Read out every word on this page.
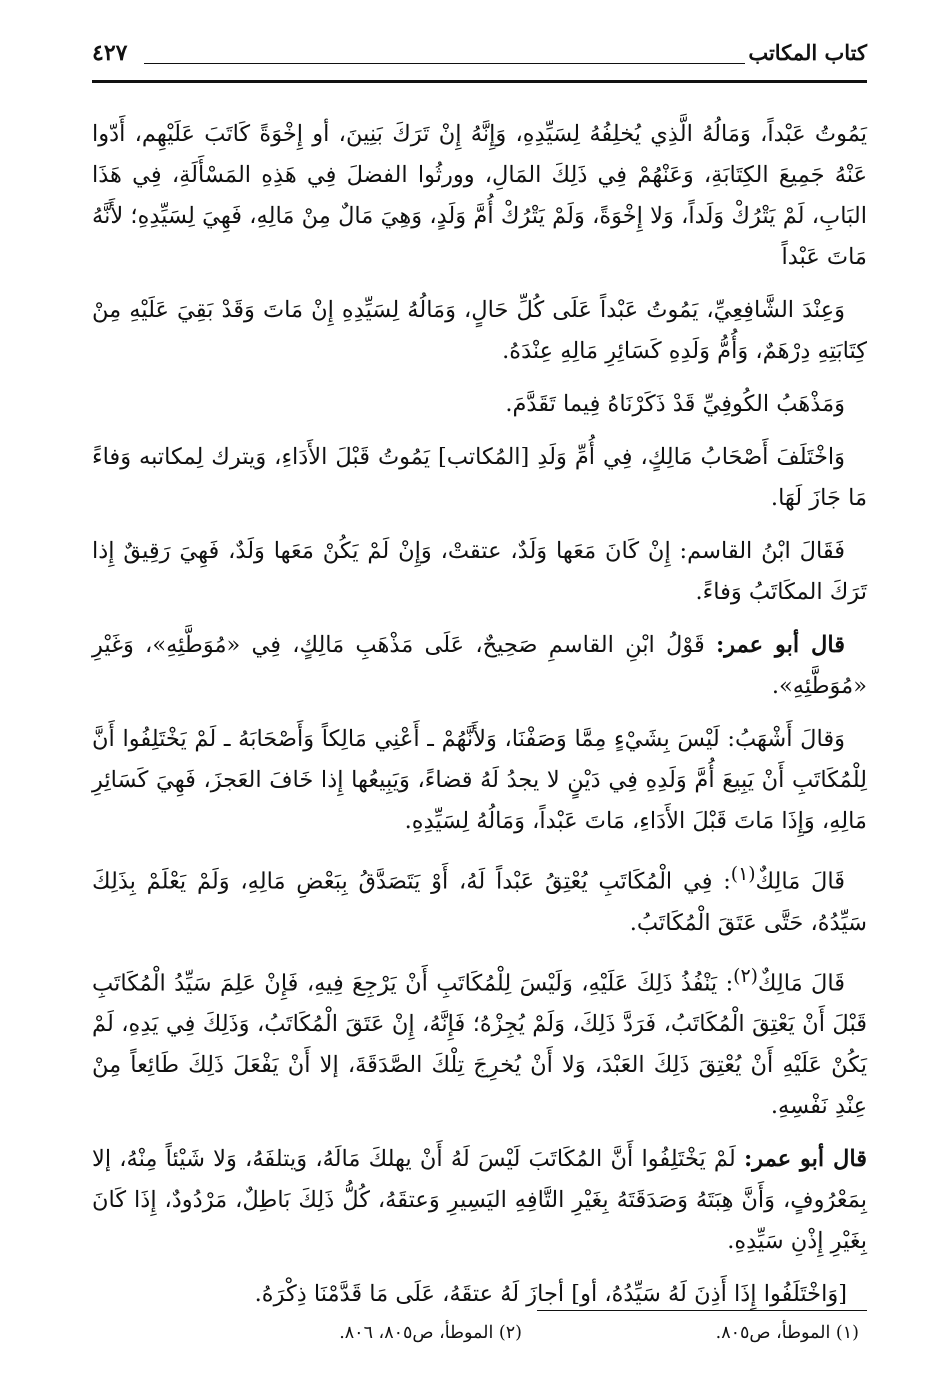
كتاب المكاتب
٤٢٧

يَمُوتُ عَبْداً، وَمَالُهُ الَّذِي يُخلِفُهُ لِسَيِّدِهِ، وَإِنَّهُ إِنْ تَرَكَ بَنِينَ، أو إِخْوَةً كَاتَبَ عَلَيْهِم، أَدّوا عَنْهُ جَمِيعَ الكِتَابَةِ، وَعَنْهُمْ فِي ذَلِكَ المَالِ، وورثُوا الفضلَ فِي هَذِهِ المَسْأَلَةِ، فِي هَذَا البَابِ، لَمْ يَتْرُكْ وَلَداً، وَلا إِخْوَةً، وَلَمْ يَتْرُكْ أُمَّ وَلَدٍ، وَهِيَ مَالٌ مِنْ مَالِهِ، فَهِيَ لِسَيِّدِهِ؛ لأَنَّهُ مَاتَ عَبْداً

وَعِنْدَ الشَّافِعِيِّ، يَمُوتُ عَبْداً عَلَى كُلِّ حَالٍ، وَمَالُهُ لِسَيِّدِهِ إِنْ مَاتَ وَقَدْ بَقِيَ عَلَيْهِ مِنْ كِتَابَتِهِ دِرْهَمٌ، وَأُمُّ وَلَدِهِ كَسَائِرِ مَالِهِ عِنْدَهُ.

وَمَذْهَبُ الكُوفِيِّ قَدْ ذَكَرْنَاهُ فِيما تَقَدَّمَ.

وَاخْتَلَفَ أَصْحَابُ مَالِكٍ، فِي أُمِّ وَلَدِ [المُكاتب] يَمُوتُ قَبْلَ الأَدَاءِ، وَيترك لِمكاتبه وَفاءً مَا جَازَ لَهَا.

فَقَالَ ابْنُ القاسم: إِنْ كَانَ مَعَها وَلَدٌ، عتقتْ، وَإِنْ لَمْ يَكُنْ مَعَها وَلَدٌ، فَهِيَ رَقِيقٌ إِذا تَرَكَ المكَاتَبُ وَفاءً.

قال أبو عمر: قَوْلُ ابْنِ القاسمِ صَحِيحٌ، عَلَى مَذْهَبِ مَالِكٍ، فِي «مُوَطَّئِهِ»، وَغَيْرِ «مُوَطَّئِهِ».

وَقالَ أَشْهَبُ: لَيْسَ بِشَيْءٍ مِمَّا وَصَفْنَا، وَلأَنَّهُمْ ـ أَعْنِي مَالِكاً وَأَصْحَابَهُ ـ لَمْ يَخْتَلِفُوا أَنَّ لِلْمُكَاتَبِ أَنْ يَبِيعَ أُمَّ وَلَدِهِ فِي دَيْنٍ لا يجدُ لَهُ قضاءً، وَيَبِيعُها إِذا خَافَ العَجزَ، فَهِيَ كَسَائِرِ مَالِهِ، وَإِذَا مَاتَ قَبْلَ الأَدَاءِ، مَاتَ عَبْداً، وَمَالُهُ لِسَيِّدِهِ.

قَالَ مَالِكٌ$^{(١)}$: فِي الْمُكَاتَبِ يُعْتِقُ عَبْداً لَهُ، أَوْ يَتَصَدَّقُ بِبَعْضِ مَالِهِ، وَلَمْ يَعْلَمْ بِذَلِكَ سَيِّدُهُ، حَتَّى عَتَقَ الْمُكَاتَبُ.

قَالَ مَالِكٌ$^{(٢)}$: يَنْفُذُ ذَلِكَ عَلَيْهِ، وَلَيْسَ لِلْمُكَاتَبِ أَنْ يَرْجِعَ فِيهِ، فَإِنْ عَلِمَ سَيِّدُ الْمُكَاتَبِ قَبْلَ أَنْ يَعْتِقَ الْمُكَاتَبُ، فَرَدَّ ذَلِكَ، وَلَمْ يُجِزْهُ؛ فَإِنَّهُ، إِنْ عَتَقَ الْمُكَاتَبُ، وَذَلِكَ فِي يَدِهِ، لَمْ يَكُنْ عَلَيْهِ أَنْ يُعْتِقَ ذَلِكَ العَبْدَ، وَلا أَنْ يُخرِجَ تِلْكَ الصَّدَقَةَ، إلا أَنْ يَفْعَلَ ذَلِكَ طَائِعاً مِنْ عِنْدِ نَفْسِهِ.

قال أبو عمر: لَمْ يَخْتَلِفُوا أَنَّ المُكَاتَبَ لَيْسَ لَهُ أَنْ يهلكَ مَالَهُ، وَيتلفَهُ، وَلا شَيْئاً مِنْهُ، إلا بِمَعْرُوفٍ، وَأَنَّ هِبَتَهُ وَصَدَقَتَهُ بِغَيْرِ التَّافِهِ اليَسِيرِ وَعتقَهُ، كُلُّ ذَلِكَ بَاطِلٌ، مَرْدُودٌ، إِذَا كَانَ بِغَيْرِ إِذْنِ سَيِّدِهِ.

[وَاخْتَلَفُوا إِذَا أَذِنَ لَهُ سَيِّدُهُ، أو] أجازَ لَهُ عتقَهُ، عَلَى مَا قَدَّمْنَا ذِكْرَهُ.

(١) الموطأ، ص٨٠٥.
(٢) الموطأ، ص٨٠٥، ٨٠٦.
